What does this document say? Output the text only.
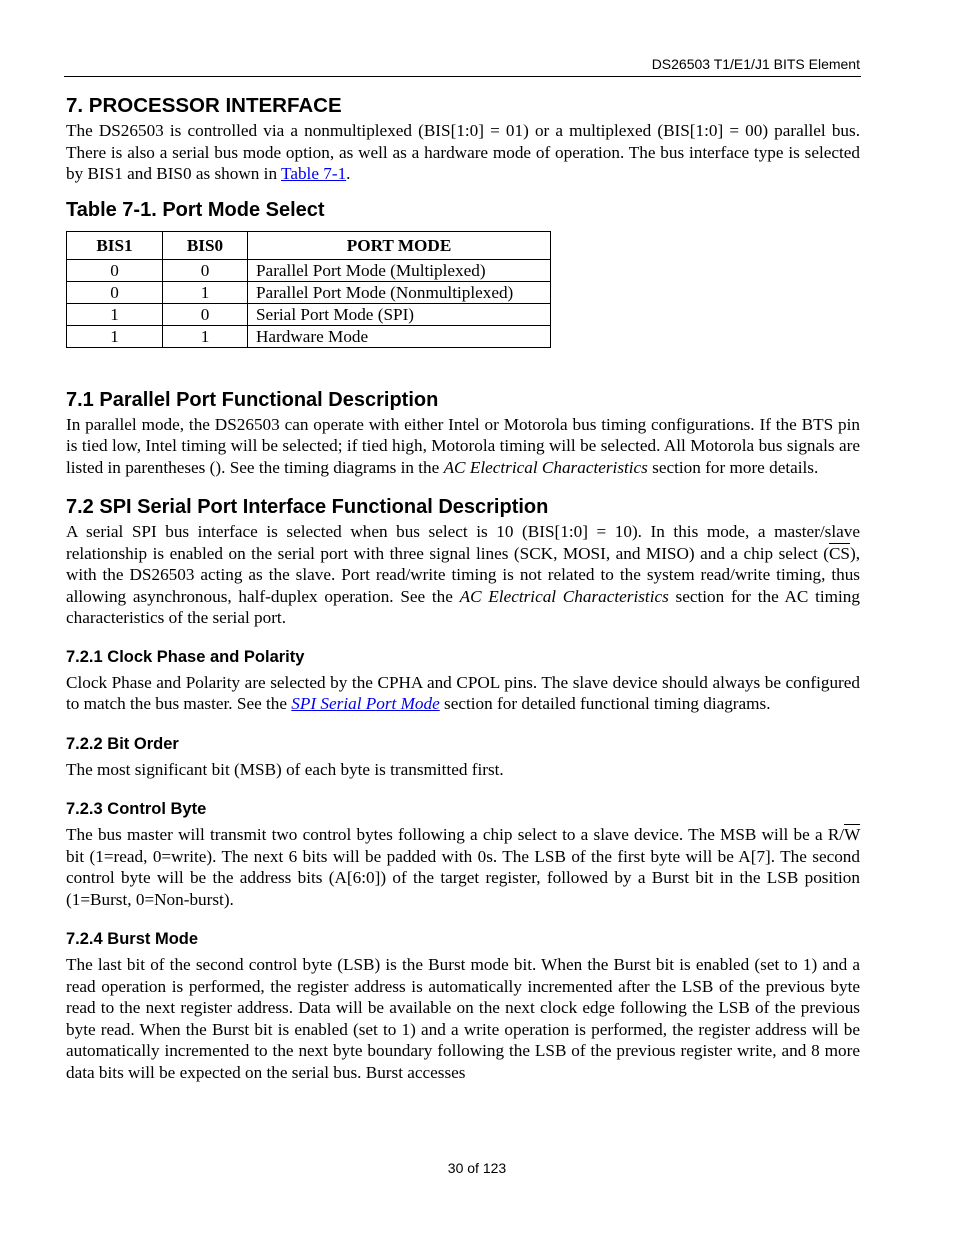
DS26503 T1/E1/J1 BITS Element
7. PROCESSOR INTERFACE

The DS26503 is controlled via a nonmultiplexed (BIS[1:0] = 01) or a multiplexed (BIS[1:0] = 00) parallel bus. There is also a serial bus mode option, as well as a hardware mode of operation. The bus interface type is selected by BIS1 and BIS0 as shown in Table 7-1.

Table 7-1. Port Mode Select
BIS1	BIS0	PORT MODE
0	0	Parallel Port Mode (Multiplexed)
0	1	Parallel Port Mode (Nonmultiplexed)
1	0	Serial Port Mode (SPI)
1	1	Hardware Mode
7.1 Parallel Port Functional Description

In parallel mode, the DS26503 can operate with either Intel or Motorola bus timing configurations. If the BTS pin is tied low, Intel timing will be selected; if tied high, Motorola timing will be selected. All Motorola bus signals are listed in parentheses (). See the timing diagrams in the AC Electrical Characteristics section for more details.

7.2 SPI Serial Port Interface Functional Description

A serial SPI bus interface is selected when bus select is 10 (BIS[1:0] = 10). In this mode, a master/slave relationship is enabled on the serial port with three signal lines (SCK, MOSI, and MISO) and a chip select $(\overline{CS})$, with the DS26503 acting as the slave. Port read/write timing is not related to the system read/write timing, thus allowing asynchronous, half-duplex operation. See the AC Electrical Characteristics section for the AC timing characteristics of the serial port.

7.2.1 Clock Phase and Polarity

Clock Phase and Polarity are selected by the CPHA and CPOL pins. The slave device should always be configured to match the bus master. See the SPI Serial Port Mode section for detailed functional timing diagrams.

7.2.2 Bit Order

The most significant bit (MSB) of each byte is transmitted first.

7.2.3 Control Byte

The bus master will transmit two control bytes following a chip select to a slave device. The MSB will be a $R/\overline{W}$ bit (1=read, 0=write). The next 6 bits will be padded with 0s. The LSB of the first byte will be A[7]. The second control byte will be the address bits (A[6:0]) of the target register, followed by a Burst bit in the LSB position (1=Burst, 0=Non-burst).

7.2.4 Burst Mode

The last bit of the second control byte (LSB) is the Burst mode bit. When the Burst bit is enabled (set to 1) and a read operation is performed, the register address is automatically incremented after the LSB of the previous byte read to the next register address. Data will be available on the next clock edge following the LSB of the previous byte read. When the Burst bit is enabled (set to 1) and a write operation is performed, the register address will be automatically incremented to the next byte boundary following the LSB of the previous register write, and 8 more data bits will be expected on the serial bus. Burst accesses

30 of 123
